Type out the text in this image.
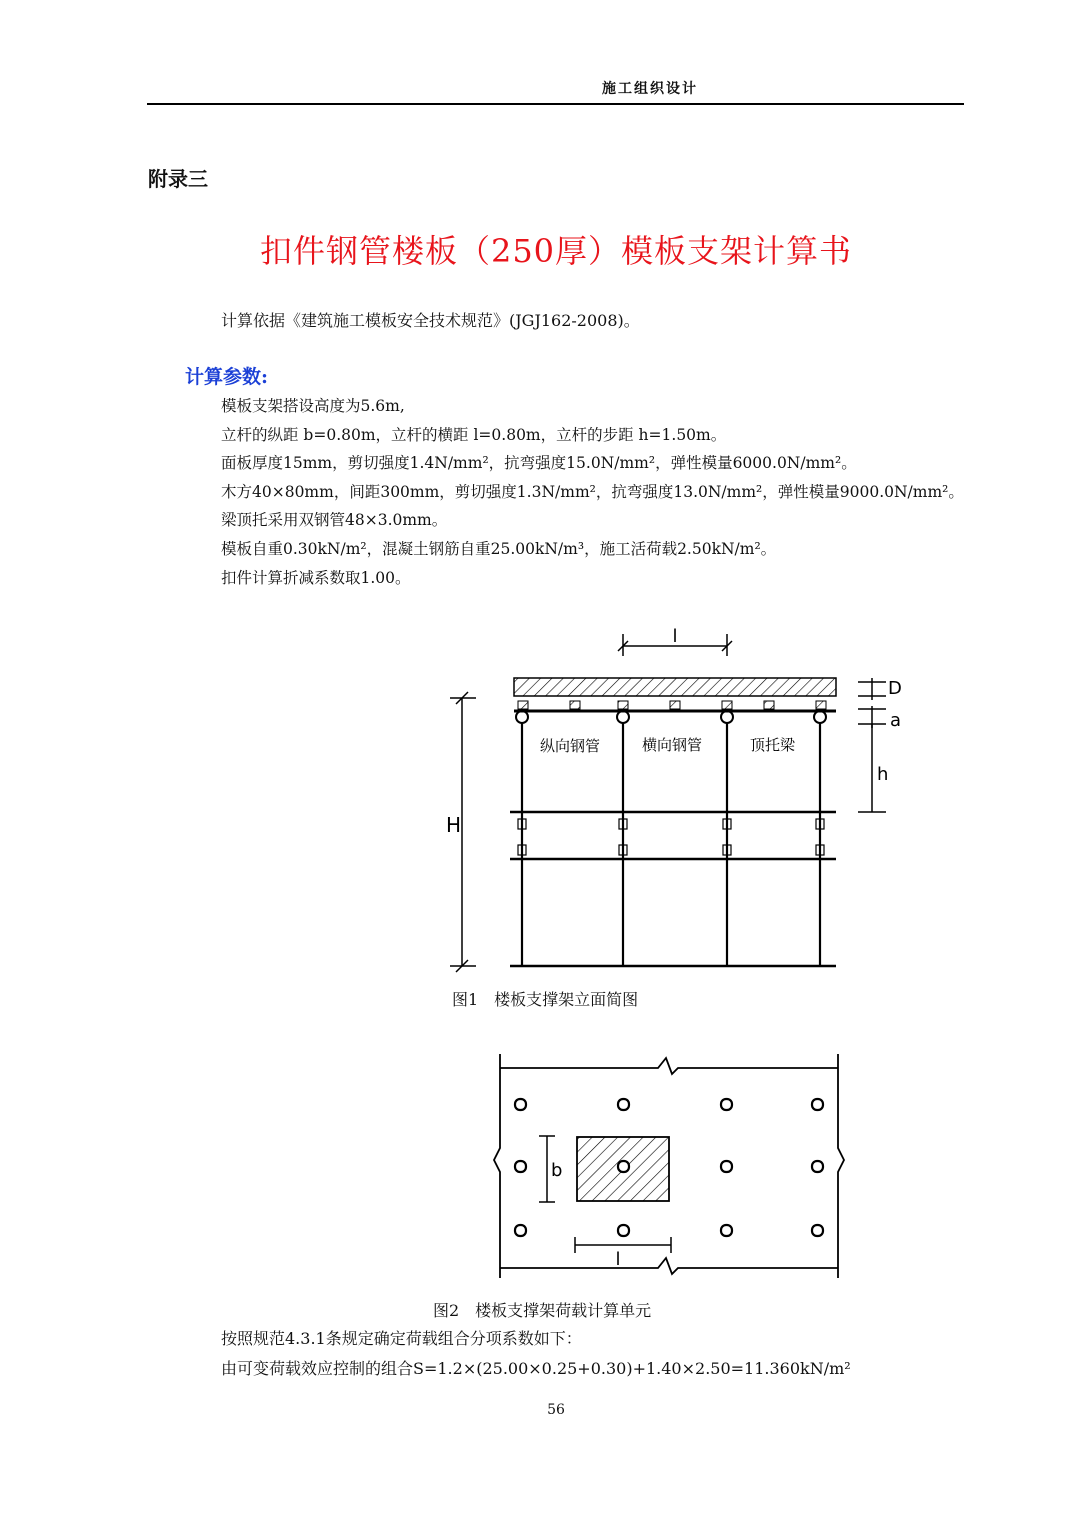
施工组织设计
附录三
扣件钢管楼板（250厚）模板支架计算书
计算依据《建筑施工模板安全技术规范》(JGJ162-2008)。
计算参数:
模板支架搭设高度为5.6m,
立杆的纵距 b=0.80m，立杆的横距 l=0.80m，立杆的步距 h=1.50m。
面板厚度15mm，剪切强度1.4N/mm²，抗弯强度15.0N/mm²，弹性模量6000.0N/mm²。
木方40×80mm，间距300mm，剪切强度1.3N/mm²，抗弯强度13.0N/mm²，弹性模量9000.0N/mm²。
梁顶托采用双钢管48×3.0mm。
模板自重0.30kN/m²，混凝土钢筋自重25.00kN/m³，施工活荷载2.50kN/m²。
扣件计算折减系数取1.00。
l
纵向钢管	横向钢管	顶托梁
H
D
a
h
图1　楼板支撑架立面简图
b
l
图2　楼板支撑架荷载计算单元
按照规范4.3.1条规定确定荷载组合分项系数如下：
由可变荷载效应控制的组合S=1.2×(25.00×0.25+0.30)+1.40×2.50=11.360kN/m²
56
